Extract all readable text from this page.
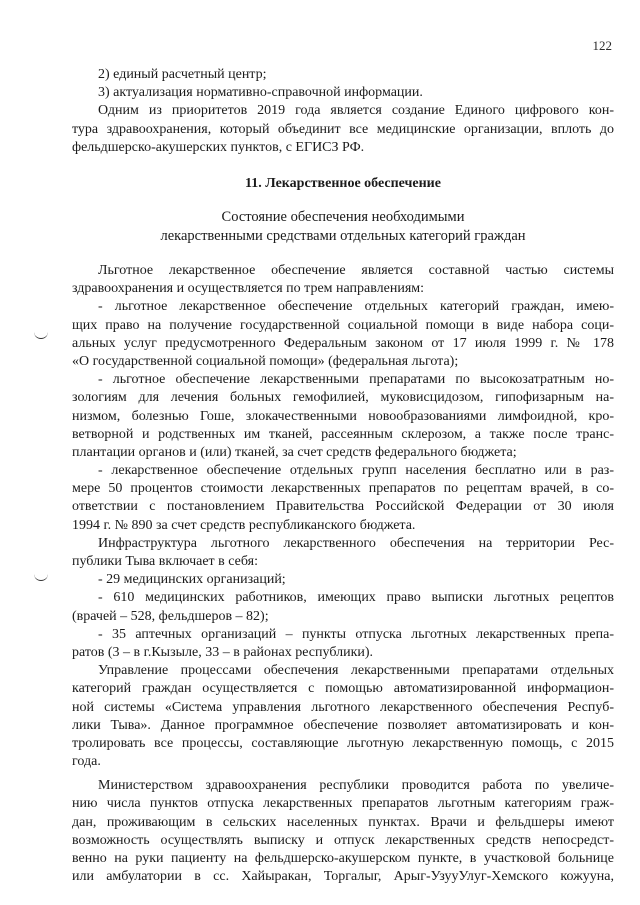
122
2) единый расчетный центр;
3) актуализация нормативно-справочной информации.
Одним из приоритетов 2019 года является создание Единого цифрового кон-
тура здравоохранения, который объединит все медицинские организации, вплоть до
фельдшерско-акушерских пунктов, с ЕГИСЗ РФ.
11. Лекарственное обеспечение
Состояние обеспечения необходимыми
лекарственными средствами отдельных категорий граждан
Льготное лекарственное обеспечение является составной частью системы
здравоохранения и осуществляется по трем направлениям:
- льготное лекарственное обеспечение отдельных категорий граждан, имею-
щих право на получение государственной социальной помощи в виде набора соци-
альных услуг предусмотренного Федеральным законом от 17 июля 1999 г. № 178
«О государственной социальной помощи» (федеральная льгота);
- льготное обеспечение лекарственными препаратами по высокозатратным но-
зологиям для лечения больных гемофилией, муковисцидозом, гипофизарным на-
низмом, болезнью Гоше, злокачественными новообразованиями лимфоидной, кро-
ветворной и родственных им тканей, рассеянным склерозом, а также после транс-
плантации органов и (или) тканей, за счет средств федерального бюджета;
- лекарственное обеспечение отдельных групп населения бесплатно или в раз-
мере 50 процентов стоимости лекарственных препаратов по рецептам врачей, в со-
ответствии с постановлением Правительства Российской Федерации от 30 июля
1994 г. № 890 за счет средств республиканского бюджета.
Инфраструктура льготного лекарственного обеспечения на территории Рес-
публики Тыва включает в себя:
- 29 медицинских организаций;
- 610 медицинских работников, имеющих право выписки льготных рецептов
(врачей – 528, фельдшеров – 82);
- 35 аптечных организаций – пункты отпуска льготных лекарственных препа-
ратов (3 – в г.Кызыле, 33 – в районах республики).
Управление процессами обеспечения лекарственными препаратами отдельных
категорий граждан осуществляется с помощью автоматизированной информацион-
ной системы «Система управления льготного лекарственного обеспечения Респуб-
лики Тыва». Данное программное обеспечение позволяет автоматизировать и кон-
тролировать все процессы, составляющие льготную лекарственную помощь, с 2015
года.
Министерством здравоохранения республики проводится работа по увеличе-
нию числа пунктов отпуска лекарственных препаратов льготным категориям граж-
дан, проживающим в сельских населенных пунктах. Врачи и фельдшеры имеют
возможность осуществлять выписку и отпуск лекарственных средств непосредст-
венно на руки пациенту на фельдшерско-акушерском пункте, в участковой больнице
или амбулатории в сс. Хайыракан, Торгалыг, Арыг-УзууУлуг-Хемского кожууна,
